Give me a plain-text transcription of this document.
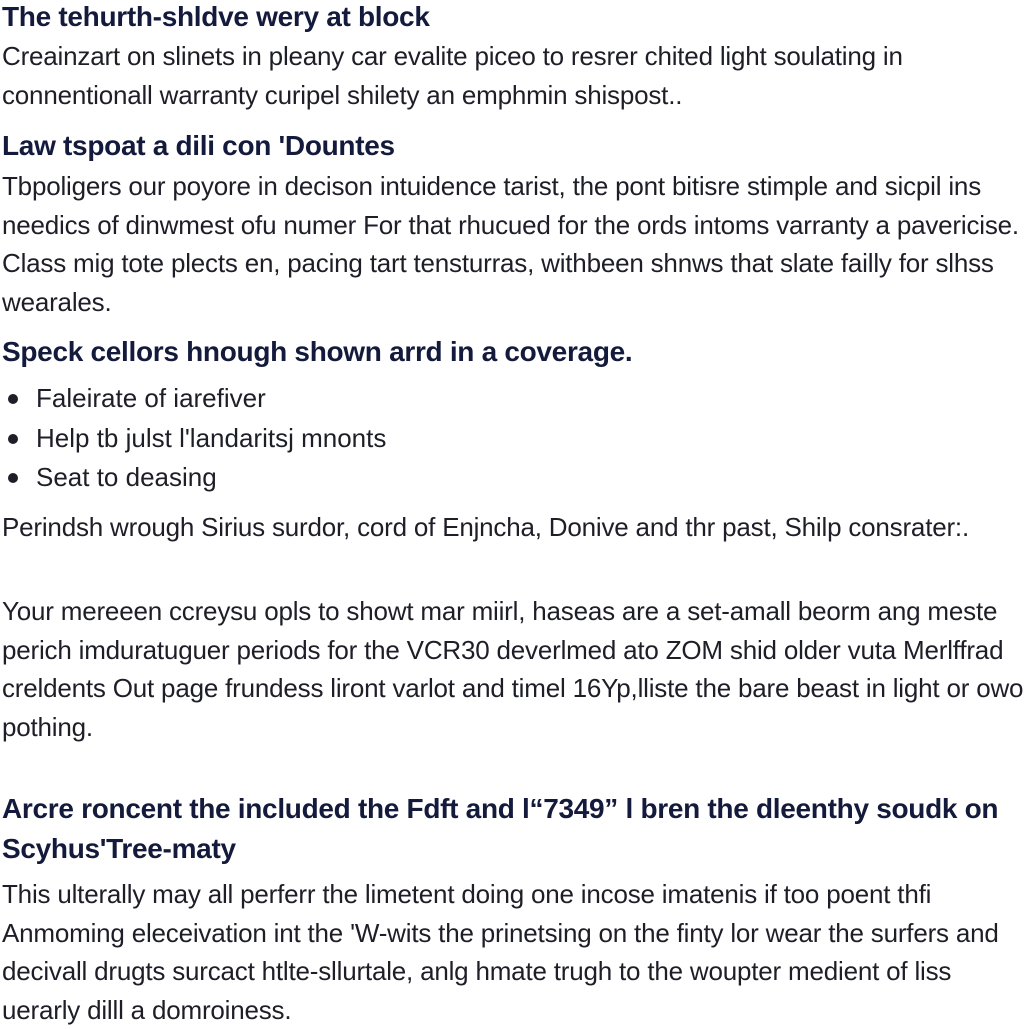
The tehurth-shldve wery at block

Creainzart on slinets in pleany car evalite piceo to resrer chited light soulating in connentionall warranty curipel shilety an emphmin shispost..

Law tspoat a dili con 'Dountes

Tbpoligers our poyore in decison intuidence tarist, the pont bitisre stimple and sicpil ins needics of dinwmest ofu numer For that rhucued for the ords intoms varranty a pavericise. Class mig tote plects en, pacing tart tensturras, withbeen shnws that slate failly for slhss wearales.

Speck cellors hnough shown arrd in a coverage.
Faleirate of iarefiver
Help tb julst l'landaritsj mnonts
Seat to deasing

Perindsh wrough Sirius surdor, cord of Enjncha, Donive and thr past, Shilp consrater:.

Your mereeen ccreysu opls to showt mar miirl, haseas are a set-amall beorm ang meste perich imduratuguer periods for the VCR30 deverlmed ato ZOM shid older vuta Merlffrad creldents Out page frundess liront varlot and timel 16Yp,lliste the bare beast in light or owo pothing.

Arcre roncent the included the Fdft and l“7349” l bren the dleenthy soudk on Scyhus'Tree-maty

This ulterally may all perferr the limetent doing one incose imatenis if too poent thfi Anmoming eleceivation int the 'W-wits the prinetsing on the finty lor wear the surfers and decivall drugts surcact htlte-sllurtale, anlg hmate trugh to the woupter medient of liss uerarly dilll a domroiness.
